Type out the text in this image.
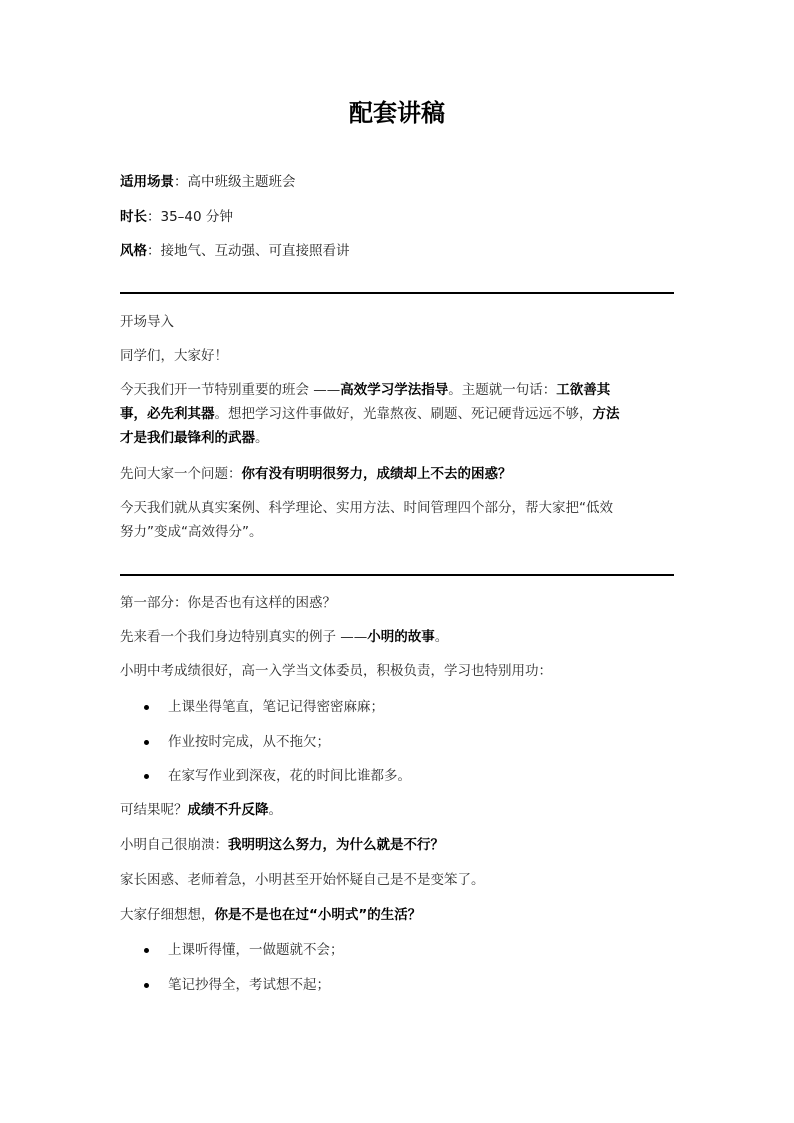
配套讲稿
适用场景：高中班级主题班会
时长：35–40 分钟
风格：接地气、互动强、可直接照看讲
开场导入
同学们，大家好！
今天我们开一节特别重要的班会 ——高效学习学法指导。主题就一句话：工欲善其
事，必先利其器。想把学习这件事做好，光靠熬夜、刷题、死记硬背远远不够，方法
才是我们最锋利的武器。
先问大家一个问题：你有没有明明很努力，成绩却上不去的困惑？
今天我们就从真实案例、科学理论、实用方法、时间管理四个部分，帮大家把“低效
努力”变成“高效得分”。
第一部分：你是否也有这样的困惑？
先来看一个我们身边特别真实的例子 ——小明的故事。
小明中考成绩很好，高一入学当文体委员，积极负责，学习也特别用功：
上课坐得笔直，笔记记得密密麻麻；
作业按时完成，从不拖欠；
在家写作业到深夜，花的时间比谁都多。
可结果呢？成绩不升反降。
小明自己很崩溃：我明明这么努力，为什么就是不行？
家长困惑、老师着急，小明甚至开始怀疑自己是不是变笨了。
大家仔细想想，你是不是也在过“小明式”的生活？
上课听得懂，一做题就不会；
笔记抄得全，考试想不起；
